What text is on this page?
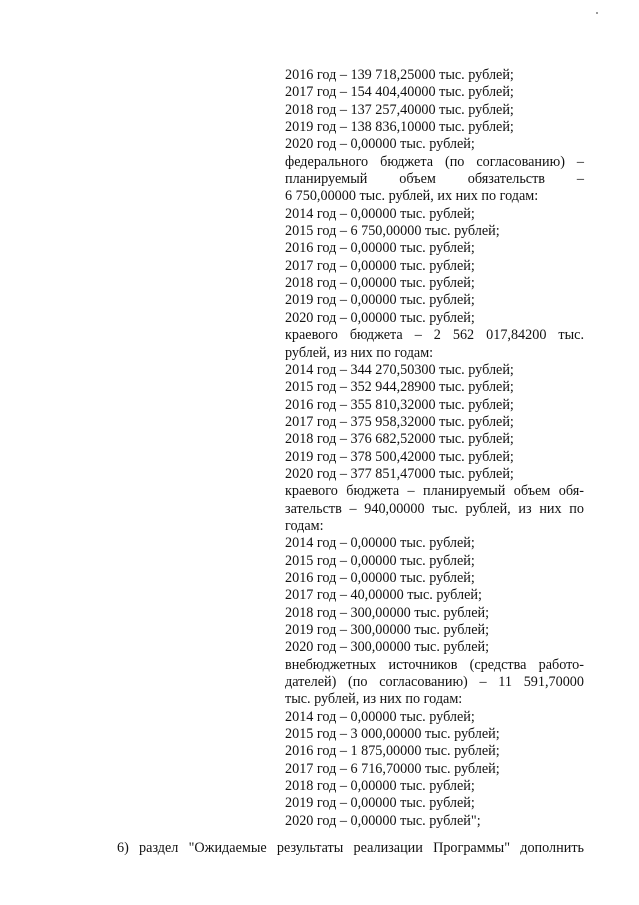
2016 год – 139 718,25000 тыс. рублей;
2017 год – 154 404,40000 тыс. рублей;
2018 год – 137 257,40000 тыс. рублей;
2019 год – 138 836,10000 тыс. рублей;
2020 год – 0,00000 тыс. рублей;
федерального бюджета (по согласованию) –
планируемый объем обязательств –
6 750,00000 тыс. рублей, их них по годам:
2014 год – 0,00000 тыс. рублей;
2015 год – 6 750,00000 тыс. рублей;
2016 год – 0,00000 тыс. рублей;
2017 год – 0,00000 тыс. рублей;
2018 год – 0,00000 тыс. рублей;
2019 год – 0,00000 тыс. рублей;
2020 год – 0,00000 тыс. рублей;
краевого бюджета – 2 562 017,84200 тыс.
рублей, из них по годам:
2014 год – 344 270,50300 тыс. рублей;
2015 год – 352 944,28900 тыс. рублей;
2016 год – 355 810,32000 тыс. рублей;
2017 год – 375 958,32000 тыс. рублей;
2018 год – 376 682,52000 тыс. рублей;
2019 год – 378 500,42000 тыс. рублей;
2020 год – 377 851,47000 тыс. рублей;
краевого бюджета – планируемый объем обя-
зательств – 940,00000 тыс. рублей, из них по
годам:
2014 год – 0,00000 тыс. рублей;
2015 год – 0,00000 тыс. рублей;
2016 год – 0,00000 тыс. рублей;
2017 год – 40,00000 тыс. рублей;
2018 год – 300,00000 тыс. рублей;
2019 год – 300,00000 тыс. рублей;
2020 год – 300,00000 тыс. рублей;
внебюджетных источников (средства работо-
дателей) (по согласованию) – 11 591,70000
тыс. рублей, из них по годам:
2014 год – 0,00000 тыс. рублей;
2015 год – 3 000,00000 тыс. рублей;
2016 год – 1 875,00000 тыс. рублей;
2017 год – 6 716,70000 тыс. рублей;
2018 год – 0,00000 тыс. рублей;
2019 год – 0,00000 тыс. рублей;
2020 год – 0,00000 тыс. рублей";
6) раздел "Ожидаемые результаты реализации Программы" дополнить
